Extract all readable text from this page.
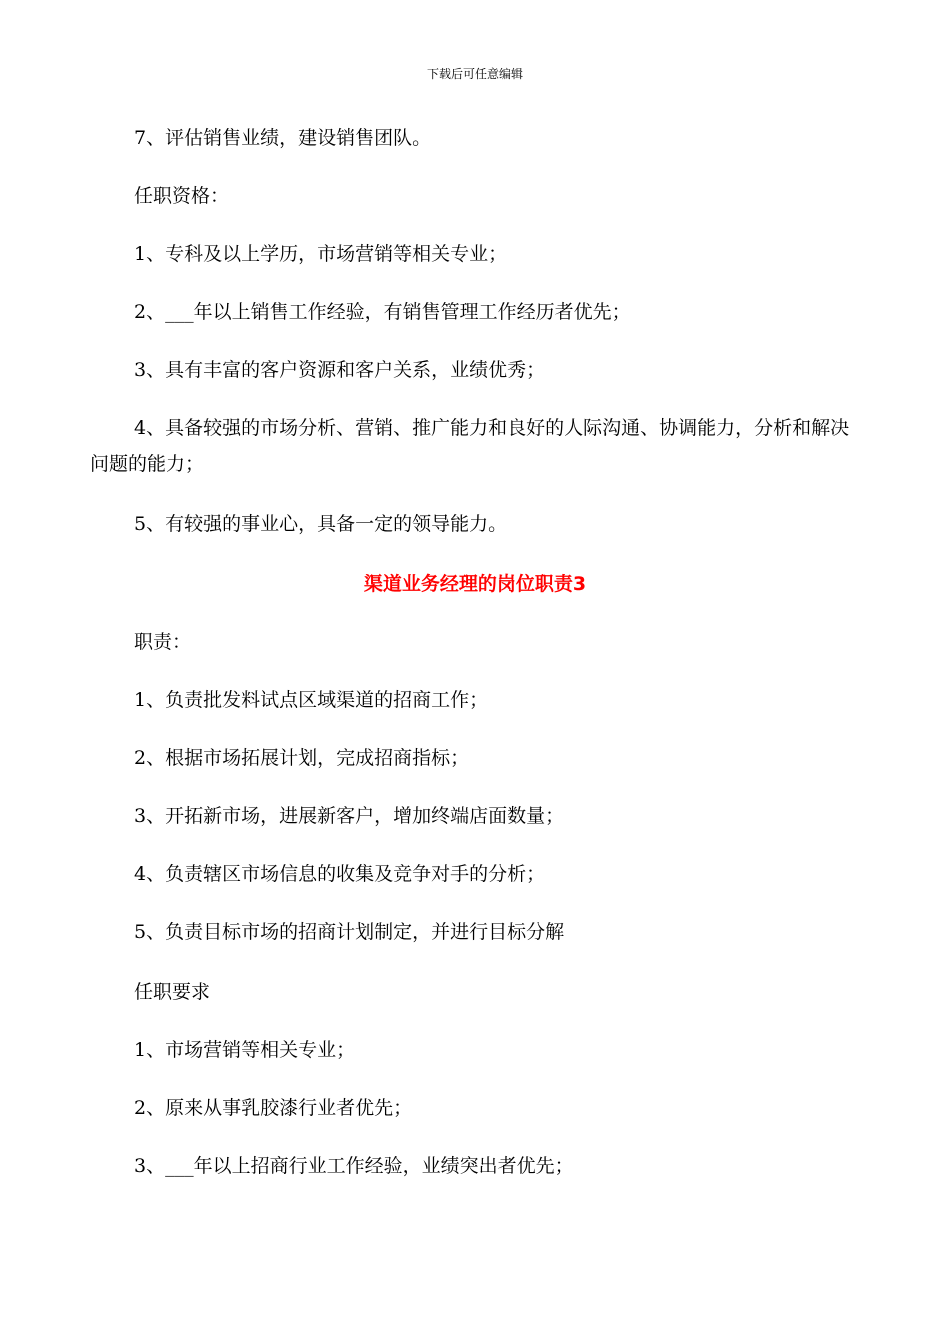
下载后可任意编辑

7、评估销售业绩，建设销售团队。

任职资格：

1、专科及以上学历，市场营销等相关专业；

2、___年以上销售工作经验，有销售管理工作经历者优先；

3、具有丰富的客户资源和客户关系，业绩优秀；

4、具备较强的市场分析、营销、推广能力和良好的人际沟通、协调能力，分析和解决问题的能力；

5、有较强的事业心，具备一定的领导能力。

渠道业务经理的岗位职责3

职责：

1、负责批发料试点区域渠道的招商工作；

2、根据市场拓展计划，完成招商指标；

3、开拓新市场，进展新客户，增加终端店面数量；

4、负责辖区市场信息的收集及竞争对手的分析；

5、负责目标市场的招商计划制定，并进行目标分解

任职要求

1、市场营销等相关专业；

2、原来从事乳胶漆行业者优先；

3、___年以上招商行业工作经验，业绩突出者优先；
